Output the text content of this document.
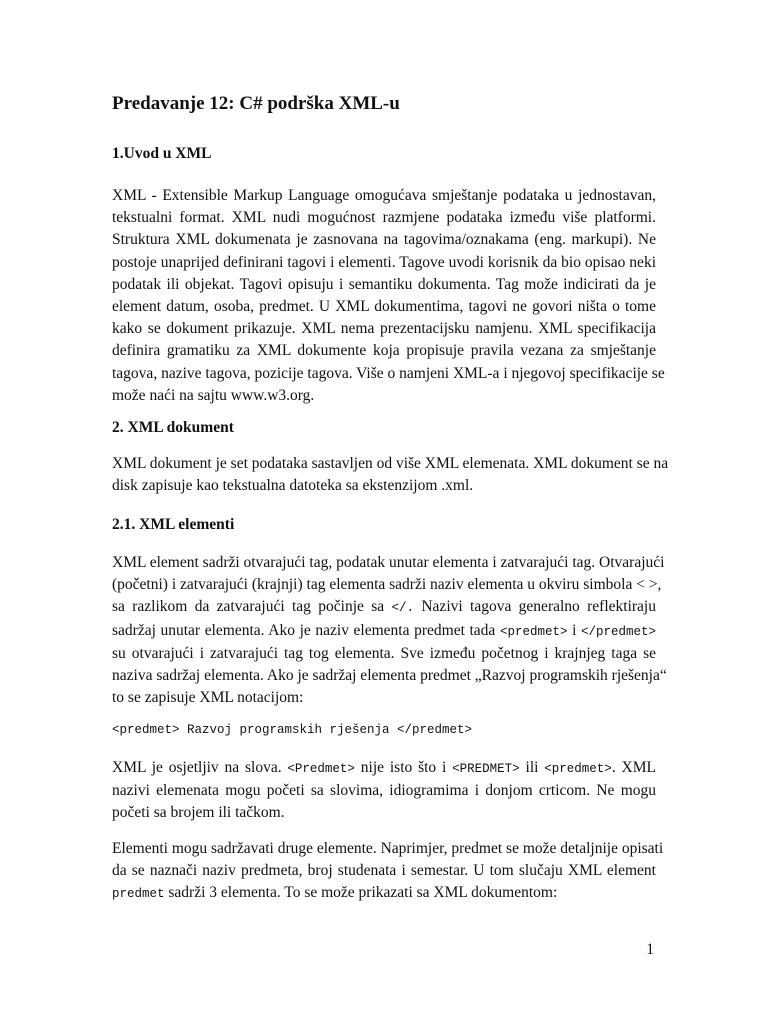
Predavanje 12: C# podrška XML-u
1.Uvod u XML
XML - Extensible Markup Language omogućava smještanje podataka u jednostavan,
tekstualni format. XML nudi mogućnost razmjene podataka između više platformi.
Struktura XML dokumenata je zasnovana na tagovima/oznakama (eng. markupi). Ne
postoje unaprijed definirani tagovi i elementi. Tagove uvodi korisnik da bio opisao neki
podatak ili objekat. Tagovi opisuju i semantiku dokumenta. Tag može indicirati da je
element datum, osoba, predmet. U XML dokumentima, tagovi ne govori ništa o tome
kako se dokument prikazuje. XML nema prezentacijsku namjenu. XML specifikacija
definira gramatiku za XML dokumente koja propisuje pravila vezana za smještanje
tagova, nazive tagova, pozicije tagova. Više o namjeni XML-a i njegovoj specifikacije se
može naći na sajtu www.w3.org.
2. XML dokument
XML dokument je set podataka sastavljen od više XML elemenata. XML dokument se na
disk zapisuje kao tekstualna datoteka sa ekstenzijom .xml.
2.1. XML elementi
XML element sadrži otvarajući tag, podatak unutar elementa i zatvarajući tag. Otvarajući
(početni) i zatvarajući (krajnji) tag elementa sadrži naziv elementa u okviru simbola < >,
sa razlikom da zatvarajući tag počinje sa </. Nazivi tagova generalno reflektiraju
sadržaj unutar elementa. Ako je naziv elementa predmet tada <predmet> i </predmet>
su otvarajući i zatvarajući tag tog elementa. Sve između početnog i krajnjeg taga se
naziva sadržaj elementa. Ako je sadržaj elementa predmet „Razvoj programskih rješenja“
to se zapisuje XML notacijom:
<predmet> Razvoj programskih rješenja </predmet>
XML je osjetljiv na slova. <Predmet> nije isto što i <PREDMET> ili <predmet>. XML
nazivi elemenata mogu početi sa slovima, idiogramima i donjom crticom. Ne mogu
početi sa brojem ili tačkom.
Elementi mogu sadržavati druge elemente. Naprimjer, predmet se može detaljnije opisati
da se naznači naziv predmeta, broj studenata i semestar. U tom slučaju XML element
predmet sadrži 3 elementa. To se može prikazati sa XML dokumentom:
1
